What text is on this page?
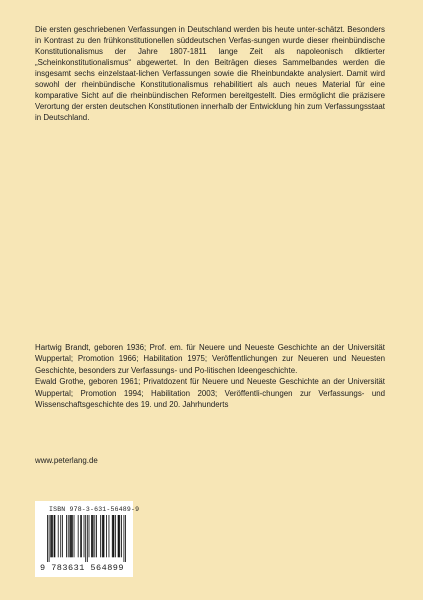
Die ersten geschriebenen Verfassungen in Deutschland werden bis heute unter-schätzt. Besonders in Kontrast zu den frühkonstitutionellen süddeutschen Verfas-sungen wurde dieser rheinbündische Konstitutionalismus der Jahre 1807-1811 lange Zeit als napoleonisch diktierter „Scheinkonstitutionalismus“ abgewertet. In den Beiträgen dieses Sammelbandes werden die insgesamt sechs einzelstaat-lichen Verfassungen sowie die Rheinbundakte analysiert. Damit wird sowohl der rheinbündische Konstitutionalismus rehabilitiert als auch neues Material für eine komparative Sicht auf die rheinbündischen Reformen bereitgestellt. Dies ermöglicht die präzisere Verortung der ersten deutschen Konstitutionen innerhalb der Entwicklung hin zum Verfassungsstaat in Deutschland.

Hartwig Brandt, geboren 1936; Prof. em. für Neuere und Neueste Geschichte an der Universität Wuppertal; Promotion 1966; Habilitation 1975; Veröffentlichungen zur Neueren und Neuesten Geschichte, besonders zur Verfassungs- und Po-litischen Ideengeschichte.

Ewald Grothe, geboren 1961; Privatdozent für Neuere und Neueste Geschichte an der Universität Wuppertal; Promotion 1994; Habilitation 2003; Veröffentli-chungen zur Verfassungs- und Wissenschaftsgeschichte des 19. und 20. Jahrhunderts

www.peterlang.de
ISBN 978-3-631-56489-9
9 783631 564899
